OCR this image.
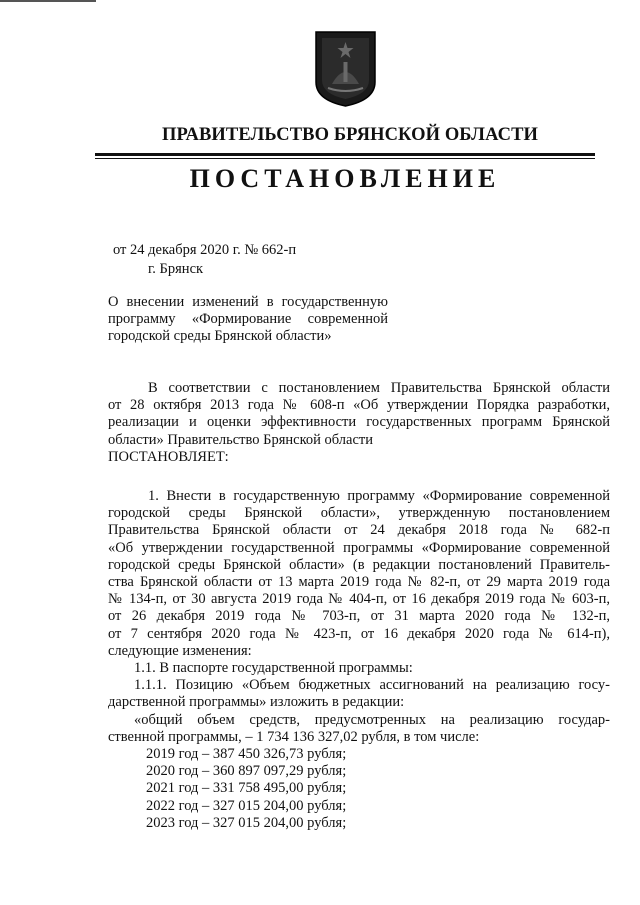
ПРАВИТЕЛЬСТВО БРЯНСКОЙ ОБЛАСТИ
ПОСТАНОВЛЕНИЕ
от 24 декабря 2020 г. № 662-п
г. Брянск
О внесении изменений в государственную
программу «Формирование современной
городской среды Брянской области»
В соответствии с постановлением Правительства Брянской области
от 28 октября 2013 года № 608-п «Об утверждении Порядка разработки,
реализации и оценки эффективности государственных программ Брянской
области» Правительство Брянской области
ПОСТАНОВЛЯЕТ:
1. Внести в государственную программу «Формирование современной
городской среды Брянской области», утвержденную постановлением
Правительства Брянской области от 24 декабря 2018 года № 682-п
«Об утверждении государственной программы «Формирование современной
городской среды Брянской области» (в редакции постановлений Правитель-
ства Брянской области от 13 марта 2019 года № 82-п, от 29 марта 2019 года
№ 134-п, от 30 августа 2019 года № 404-п, от 16 декабря 2019 года № 603-п,
от 26 декабря 2019 года № 703-п, от 31 марта 2020 года № 132-п,
от 7 сентября 2020 года № 423-п, от 16 декабря 2020 года № 614-п),
следующие изменения:
1.1. В паспорте государственной программы:
1.1.1. Позицию «Объем бюджетных ассигнований на реализацию госу-
дарственной программы» изложить в редакции:
«общий объем средств, предусмотренных на реализацию государ-
ственной программы, – 1 734 136 327,02 рубля, в том числе:
2019 год – 387 450 326,73 рубля;
2020 год – 360 897 097,29 рубля;
2021 год – 331 758 495,00 рубля;
2022 год – 327 015 204,00 рубля;
2023 год – 327 015 204,00 рубля;
